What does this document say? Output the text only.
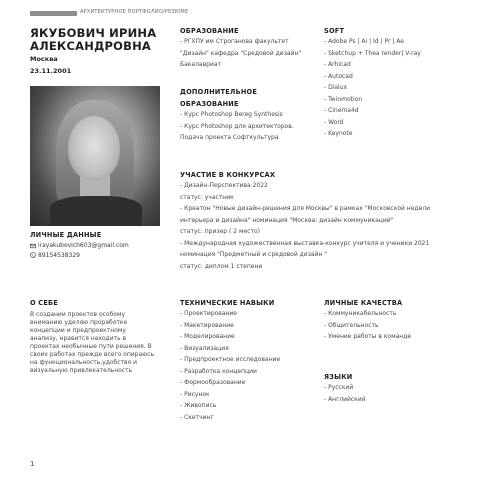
АРХИТЕКТУРНОЕ ПОРТФОЛИО/РЕЗЮМЕ
ЯКУБОВИЧ ИРИНА
АЛЕКСАНДРОВНА
Москва
23.11.2001
ЛИЧНЫЕ ДАННЫЕ
irayakubovich603@gmail.com
89154538329
ОБРАЗОВАНИЕ
- РГХПУ им Строганова факультет
"Дизайн" кафедра "Средовой дизайн"
Бакалавриат
ДОПОЛНИТЕЛЬНОЕ
ОБРАЗОВАНИЕ
- Курс Photoshop Bereg Synthesis
- Курс Photoshop для архитекторов.
Подача проекта Софткультура
SOFT
- Adobe Ps | Ai | Id | Pr | Ae
- Sketchup + Thea render| V-ray
- Arhicad
- Autocad
- Dialux
- Twinmotion
- Cinema4d
- Word
- Keynote
УЧАСТИЕ В КОНКУРСАХ
- Дизайн-Перспектива 2022
статус: участник
- Креатон "Новые дизайн-решения для Москвы" в рамках "Московской недели
интерьера и дизайна" номинация "Москва: дизайн коммуникаций"
статус: призер ( 2 место)
- Международная художественная выставка-конкурс учителя и ученики 2021
номинация "Предметный и средовой дизайн "
статус: диплом 1 степени
О СЕБЕ
В создании проектов особому вниманию уделяю проработке концепции и предпроектному анализу, нравится находить в проектах необычные пути решения. В своих работах прежде всего опираюсь на функциональность,удобство и визуальную привлекательность
ТЕХНИЧЕСКИЕ НАВЫКИ
- Проектирование
- Макетирование
- Моделирование
- Визуализация
- Предпроектное исследование
- Разработка концепции
- Формообразование
- Рисунок
- Живопись
- Скетчинг
ЛИЧНЫЕ КАЧЕСТВА
- Коммуникабельность
- Общительность
- Умение работы в команде
ЯЗЫКИ
- Русский
- Английский
1
